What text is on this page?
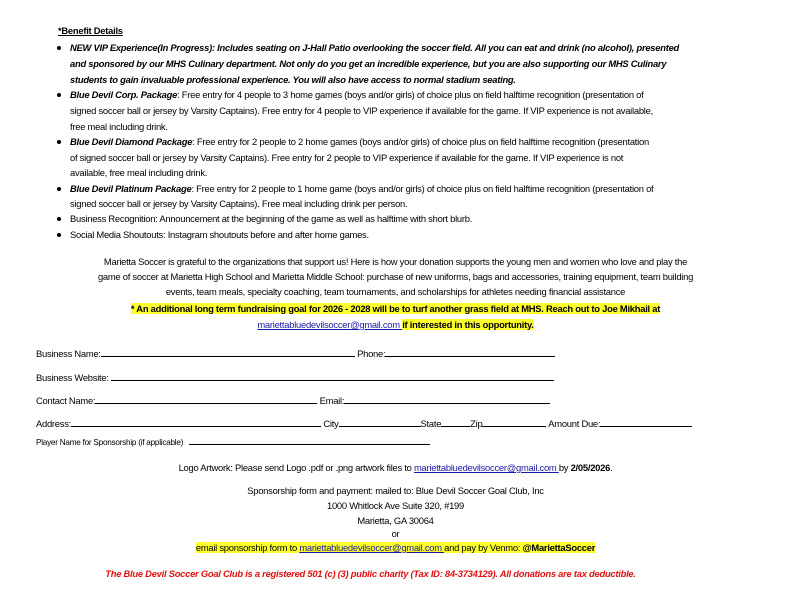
*Benefit Details
NEW VIP Experience(In Progress): Includes seating on J-Hall Patio overlooking the soccer field. All you can eat and drink (no alcohol), presented
and sponsored by our MHS Culinary department. Not only do you get an incredible experience, but you are also supporting our MHS Culinary
students to gain invaluable professional experience. You will also have access to normal stadium seating.
Blue Devil Corp. Package: Free entry for 4 people to 3 home games (boys and/or girls) of choice plus on field halftime recognition (presentation of
signed soccer ball or jersey by Varsity Captains). Free entry for 4 people to VIP experience if available for the game. If VIP experience is not available,
free meal including drink.
Blue Devil Diamond Package: Free entry for 2 people to 2 home games (boys and/or girls) of choice plus on field halftime recognition (presentation
of signed soccer ball or jersey by Varsity Captains). Free entry for 2 people to VIP experience if available for the game. If VIP experience is not
available, free meal including drink.
Blue Devil Platinum Package: Free entry for 2 people to 1 home game (boys and/or girls) of choice plus on field halftime recognition (presentation of
signed soccer ball or jersey by Varsity Captains). Free meal including drink per person.
Business Recognition: Announcement at the beginning of the game as well as halftime with short blurb.
Social Media Shoutouts: Instagram shoutouts before and after home games.
Marietta Soccer is grateful to the organizations that support us! Here is how your donation supports the young men and women who love and play the
game of soccer at Marietta High School and Marietta Middle School: purchase of new uniforms, bags and accessories, training equipment, team building
events, team meals, specialty coaching, team tournaments, and scholarships for athletes needing financial assistance
* An additional long term fundraising goal for 2026 - 2028 will be to turf another grass field at MHS. Reach out to Joe Mikhail at
mariettabluedevilsoccer@gmail.com if interested in this opportunity.
Business Name:	Phone:
Business Website:
Contact Name:	Email:
Address:	City	State	Zip	Amount Due:
Player Name for Sponsorship (if applicable)
Logo Artwork: Please send Logo .pdf or .png artwork files to mariettabluedevilsoccer@gmail.com by 2/05/2026.
Sponsorship form and payment: mailed to: Blue Devil Soccer Goal Club, Inc
1000 Whitlock Ave Suite 320, #199
Marietta, GA 30064
or
email sponsorship form to mariettabluedevilsoccer@gmail.com and pay by Venmo: @MariettaSoccer
The Blue Devil Soccer Goal Club is a registered 501 (c) (3) public charity (Tax ID: 84-3734129). All donations are tax deductible.
